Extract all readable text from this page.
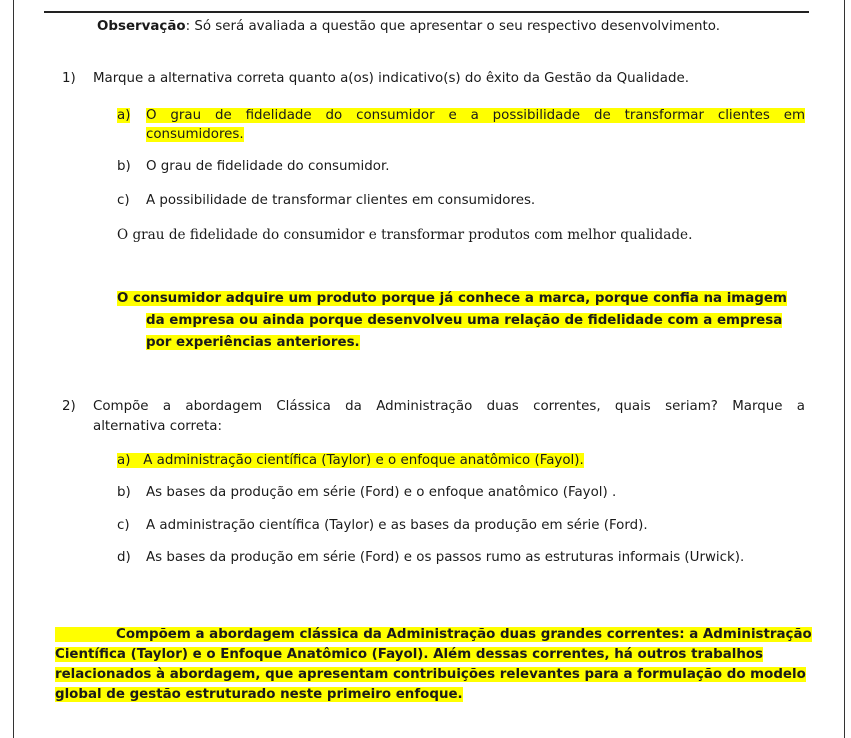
Observação: Só será avaliada a questão que apresentar o seu respectivo desenvolvimento.
1) Marque a alternativa correta quanto a(os) indicativo(s) do êxito da Gestão da Qualidade.
a) O grau de fidelidade do consumidor e a possibilidade de transformar clientes em
consumidores.
b) O grau de fidelidade do consumidor.
c) A possibilidade de transformar clientes em consumidores.
O grau de fidelidade do consumidor e transformar produtos com melhor qualidade.
O consumidor adquire um produto porque já conhece a marca, porque confia na imagem
da empresa ou ainda porque desenvolveu uma relação de fidelidade com a empresa
por experiências anteriores.
2) Compõe a abordagem Clássica da Administração duas correntes, quais seriam? Marque a
alternativa correta:
a) A administração científica (Taylor) e o enfoque anatômico (Fayol).
b) As bases da produção em série (Ford) e o enfoque anatômico (Fayol) .
c) A administração científica (Taylor) e as bases da produção em série (Ford).
d) As bases da produção em série (Ford) e os passos rumo as estruturas informais (Urwick).
Compõem a abordagem clássica da Administração duas grandes correntes: a Administração
Científica (Taylor) e o Enfoque Anatômico (Fayol). Além dessas correntes, há outros trabalhos
relacionados à abordagem, que apresentam contribuições relevantes para a formulação do modelo
global de gestão estruturado neste primeiro enfoque.
